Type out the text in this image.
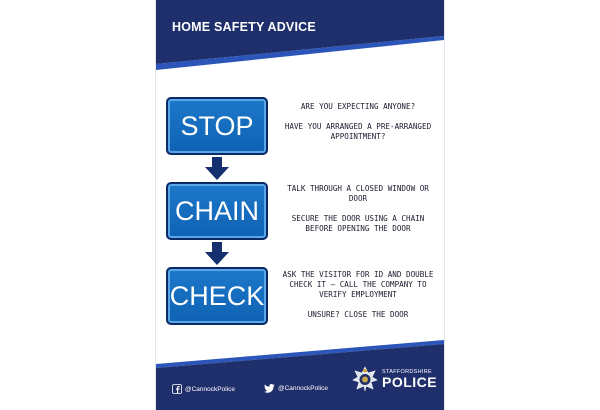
HOME SAFETY ADVICE
STOP

ARE YOU EXPECTING ANYONE?

HAVE YOU ARRANGED A PRE-ARRANGED APPOINTMENT?

CHAIN

TALK THROUGH A CLOSED WINDOW OR DOOR

SECURE THE DOOR USING A CHAIN BEFORE OPENING THE DOOR

CHECK

ASK THE VISITOR FOR ID AND DOUBLE CHECK IT – CALL THE COMPANY TO VERIFY EMPLOYMENT

UNSURE? CLOSE THE DOOR

@CannockPolice	@CannockPolice
STAFFORDSHIRE
POLICE
